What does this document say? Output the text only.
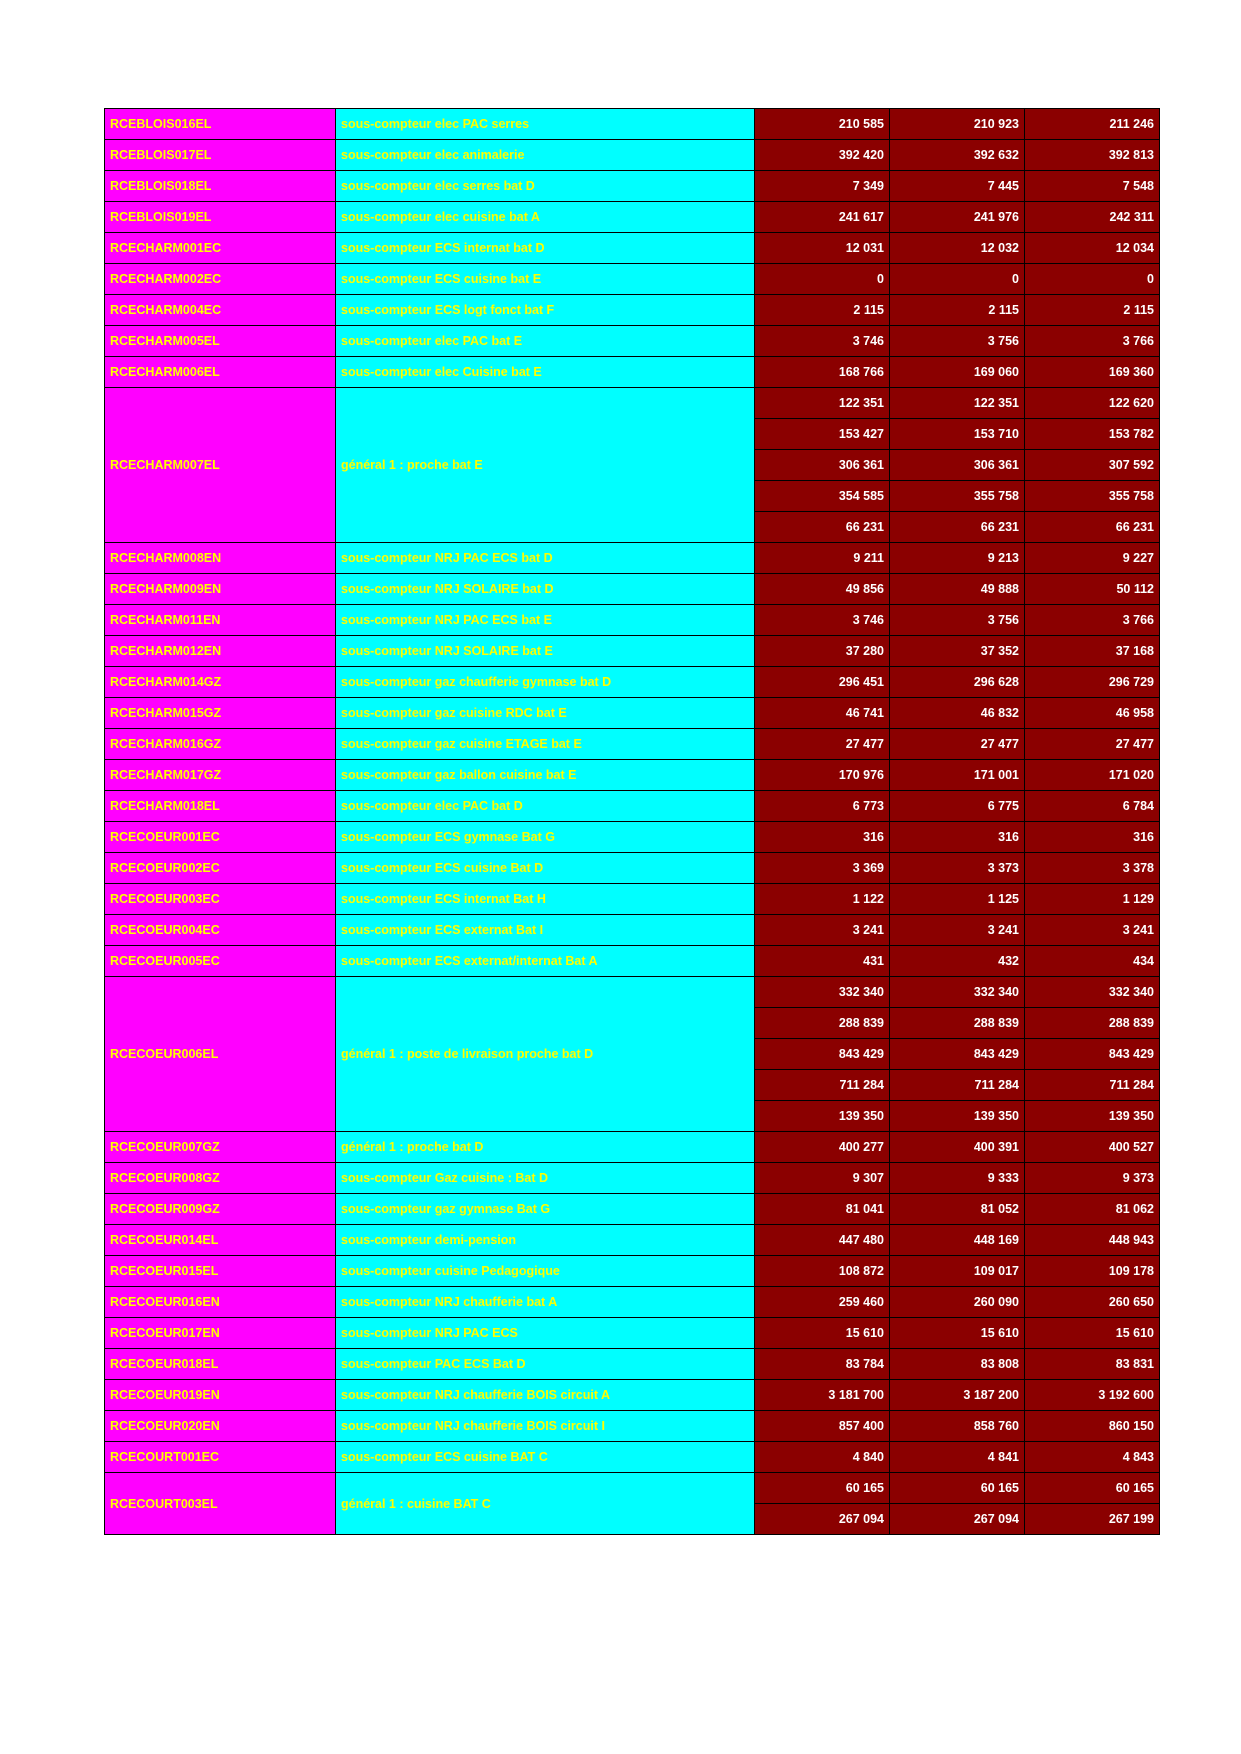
RCEBLOIS016EL	sous-compteur elec PAC serres	210 585	210 923	211 246
RCEBLOIS017EL	sous-compteur elec animalerie	392 420	392 632	392 813
RCEBLOIS018EL	sous-compteur elec serres bat D	7 349	7 445	7 548
RCEBLOIS019EL	sous-compteur elec cuisine bat A	241 617	241 976	242 311
RCECHARM001EC	sous-compteur ECS internat bat D	12 031	12 032	12 034
RCECHARM002EC	sous-compteur ECS cuisine bat E	0	0	0
RCECHARM004EC	sous-compteur ECS logt fonct bat F	2 115	2 115	2 115
RCECHARM005EL	sous-compteur elec PAC bat E	3 746	3 756	3 766
RCECHARM006EL	sous-compteur elec Cuisine bat E	168 766	169 060	169 360
RCECHARM007EL	général 1 : proche bat E	122 351	122 351	122 620
		153 427	153 710	153 782
		306 361	306 361	307 592
		354 585	355 758	355 758
		66 231	66 231	66 231
RCECHARM008EN	sous-compteur NRJ PAC ECS bat D	9 211	9 213	9 227
RCECHARM009EN	sous-compteur NRJ SOLAIRE bat D	49 856	49 888	50 112
RCECHARM011EN	sous-compteur NRJ PAC ECS bat E	3 746	3 756	3 766
RCECHARM012EN	sous-compteur NRJ SOLAIRE bat E	37 280	37 352	37 168
RCECHARM014GZ	sous-compteur gaz chaufferie gymnase bat D	296 451	296 628	296 729
RCECHARM015GZ	sous-compteur gaz cuisine RDC bat E	46 741	46 832	46 958
RCECHARM016GZ	sous-compteur gaz cuisine ETAGE bat E	27 477	27 477	27 477
RCECHARM017GZ	sous-compteur gaz ballon cuisine bat E	170 976	171 001	171 020
RCECHARM018EL	sous-compteur elec PAC bat D	6 773	6 775	6 784
RCECOEUR001EC	sous-compteur ECS gymnase Bat G	316	316	316
RCECOEUR002EC	sous-compteur ECS cuisine Bat D	3 369	3 373	3 378
RCECOEUR003EC	sous-compteur ECS internat Bat H	1 122	1 125	1 129
RCECOEUR004EC	sous-compteur ECS externat Bat I	3 241	3 241	3 241
RCECOEUR005EC	sous-compteur ECS externat/internat Bat A	431	432	434
RCECOEUR006EL	général 1 : poste de livraison proche bat D	332 340	332 340	332 340
		288 839	288 839	288 839
		843 429	843 429	843 429
		711 284	711 284	711 284
		139 350	139 350	139 350
RCECOEUR007GZ	général 1 : proche bat D	400 277	400 391	400 527
RCECOEUR008GZ	sous-compteur Gaz cuisine : Bat D	9 307	9 333	9 373
RCECOEUR009GZ	sous-compteur gaz gymnase Bat G	81 041	81 052	81 062
RCECOEUR014EL	sous-compteur demi-pension	447 480	448 169	448 943
RCECOEUR015EL	sous-compteur cuisine Pedagogique	108 872	109 017	109 178
RCECOEUR016EN	sous-compteur NRJ chaufferie bat A	259 460	260 090	260 650
RCECOEUR017EN	sous-compteur NRJ PAC ECS	15 610	15 610	15 610
RCECOEUR018EL	sous-compteur PAC ECS Bat D	83 784	83 808	83 831
RCECOEUR019EN	sous-compteur NRJ chaufferie BOIS circuit A	3 181 700	3 187 200	3 192 600
RCECOEUR020EN	sous-compteur NRJ chaufferie BOIS circuit I	857 400	858 760	860 150
RCECOURT001EC	sous-compteur ECS cuisine BAT C	4 840	4 841	4 843
RCECOURT003EL	général 1 : cuisine BAT C	60 165	60 165	60 165
		267 094	267 094	267 199
